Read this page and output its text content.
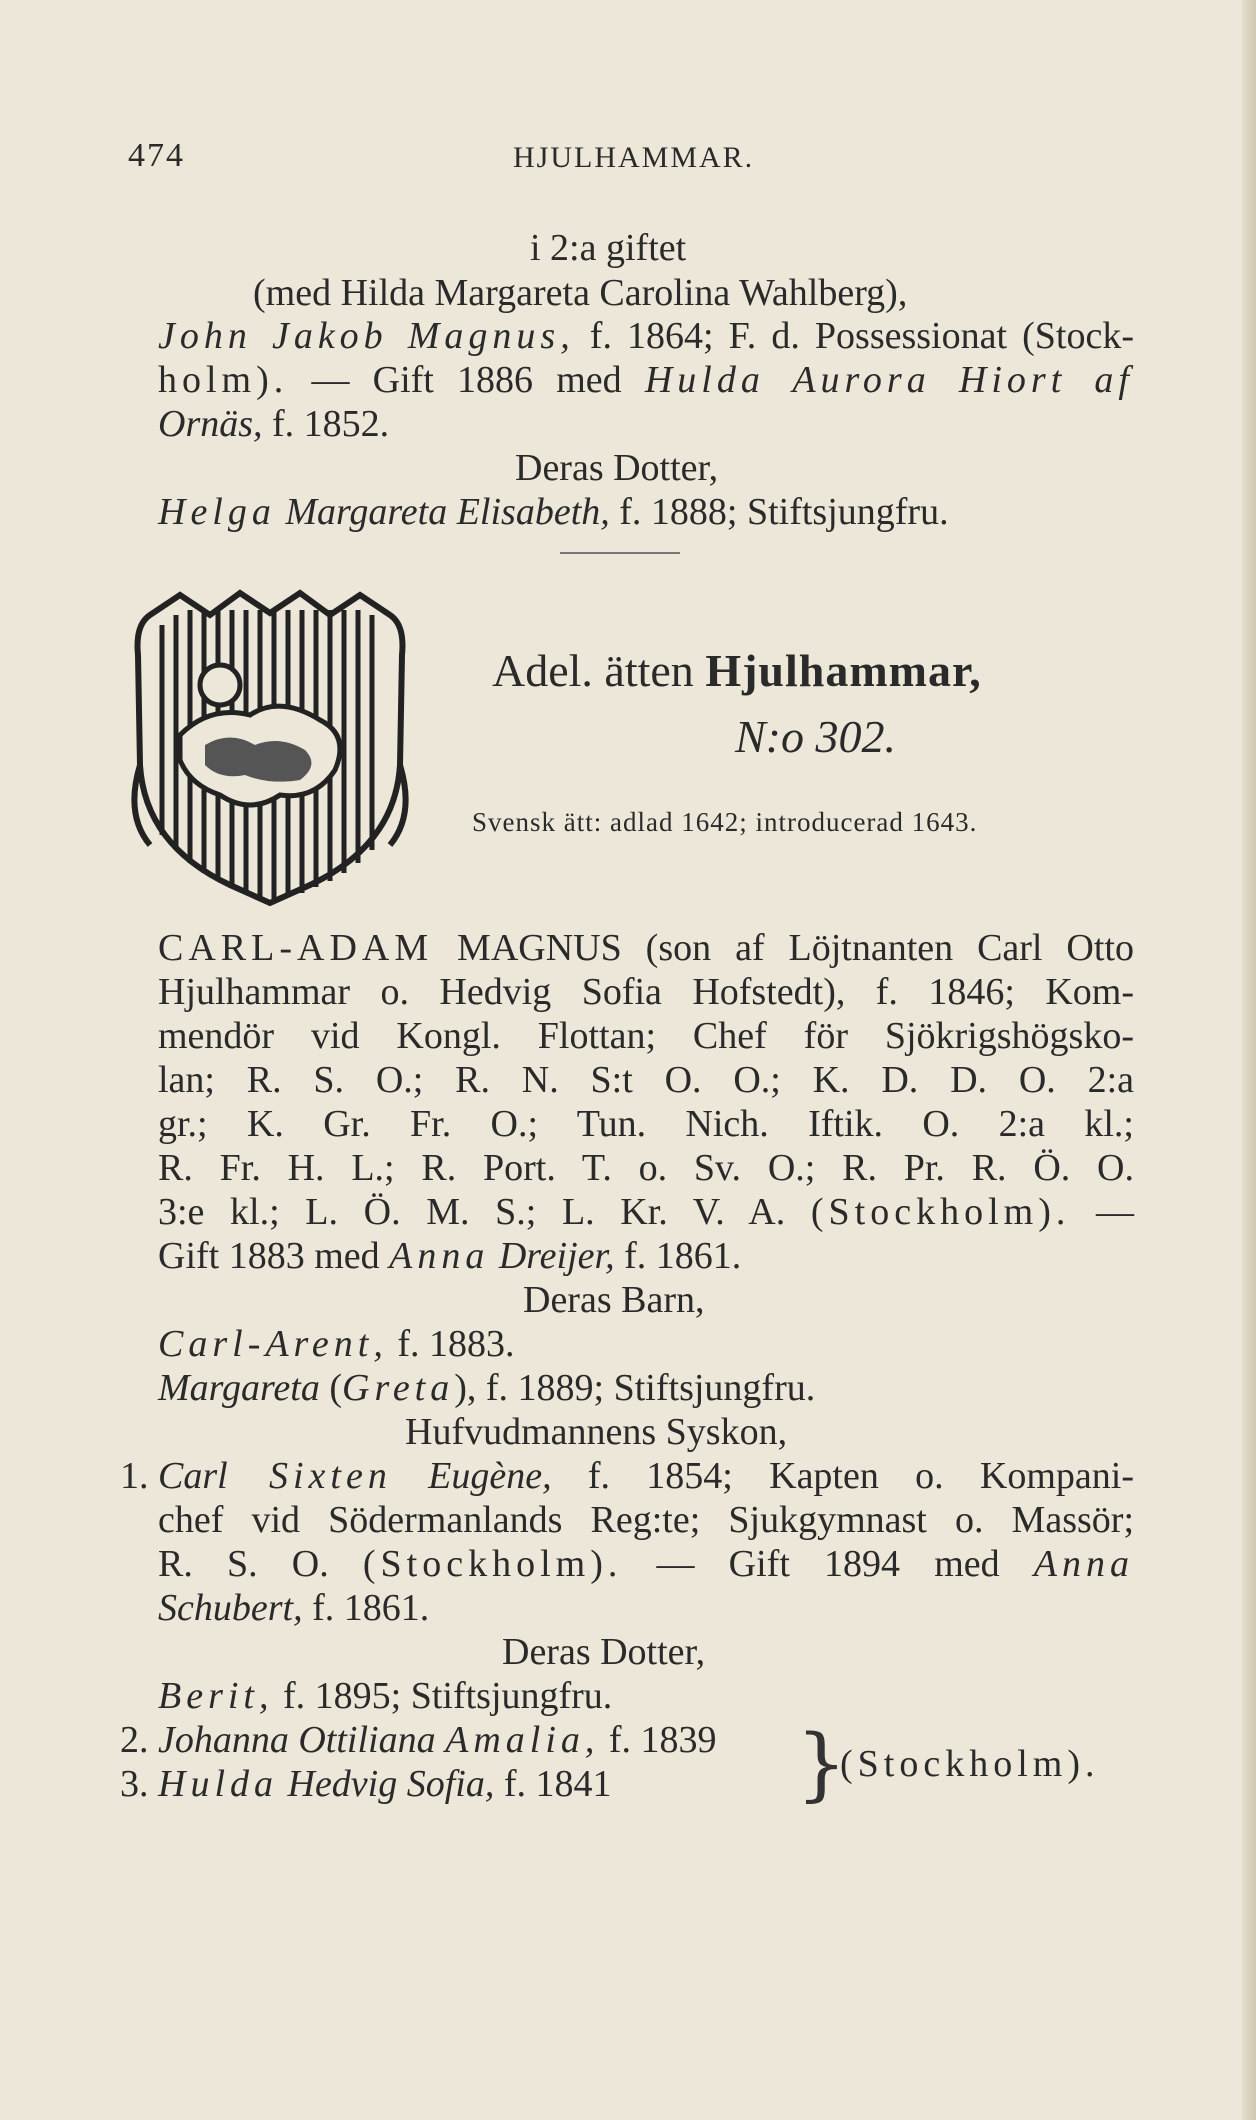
474	HJULHAMMAR.
i 2:a giftet
(med Hilda Margareta Carolina Wahlberg),
John Jakob Magnus, f. 1864; F. d. Possessionat (Stock-
holm). — Gift 1886 med Hulda Aurora Hiort af
Ornäs, f. 1852.
Deras Dotter,
Helga Margareta Elisabeth, f. 1888; Stiftsjungfru.
Adel. ätten Hjulhammar,
N:o 302.
Svensk ätt: adlad 1642; introducerad 1643.
CARL-ADAM MAGNUS (son af Löjtnanten Carl Otto
Hjulhammar o. Hedvig Sofia Hofstedt), f. 1846; Kom-
mendör vid Kongl. Flottan; Chef för Sjökrigshögsko-
lan; R. S. O.; R. N. S:t O. O.; K. D. D. O. 2:a
gr.; K. Gr. Fr. O.; Tun. Nich. Iftik. O. 2:a kl.;
R. Fr. H. L.; R. Port. T. o. Sv. O.; R. Pr. R. Ö. O.
3:e kl.; L. Ö. M. S.; L. Kr. V. A. (Stockholm). —
Gift 1883 med Anna Dreijer, f. 1861.
Deras Barn,
Carl-Arent, f. 1883.
Margareta (Greta), f. 1889; Stiftsjungfru.
Hufvudmannens Syskon,
1. Carl Sixten Eugène, f. 1854; Kapten o. Kompani-
chef vid Södermanlands Reg:te; Sjukgymnast o. Massör;
R. S. O. (Stockholm). — Gift 1894 med Anna
Schubert, f. 1861.
Deras Dotter,
Berit, f. 1895; Stiftsjungfru.
2. Johanna Ottiliana Amalia, f. 1839
3. Hulda Hedvig Sofia, f. 1841 }
(Stockholm).
